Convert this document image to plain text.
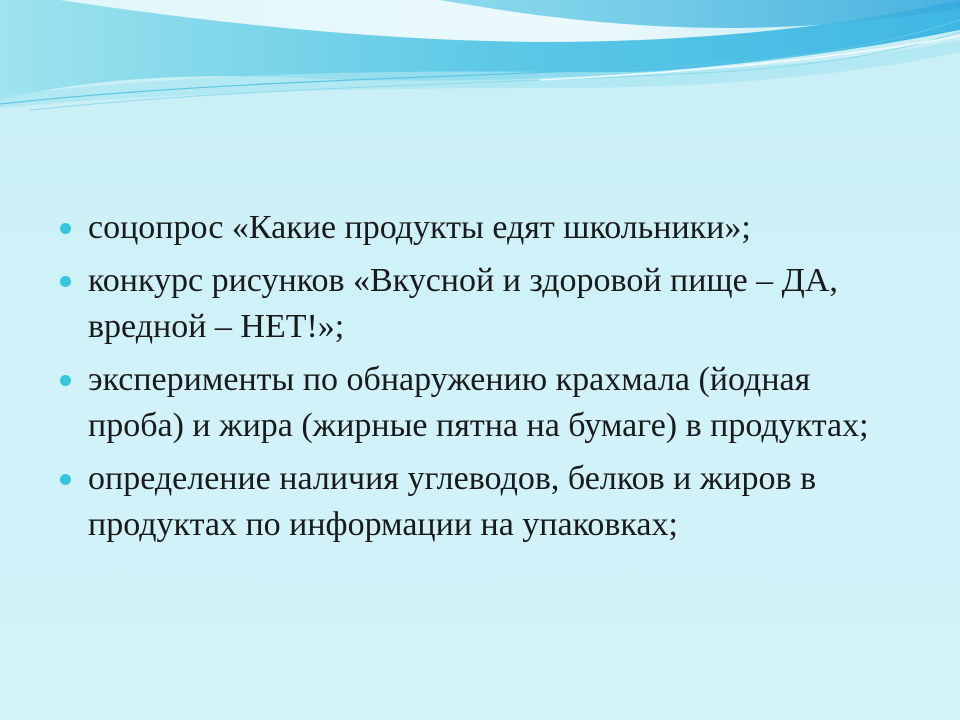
соцопрос «Какие продукты едят школьники»;
конкурс рисунков «Вкусной и здоровой пище – ДА, вредной – НЕТ!»;
эксперименты по обнаружению крахмала (йодная проба) и жира (жирные пятна на бумаге) в продуктах;
определение наличия углеводов, белков и жиров в продуктах по информации на упаковках;
